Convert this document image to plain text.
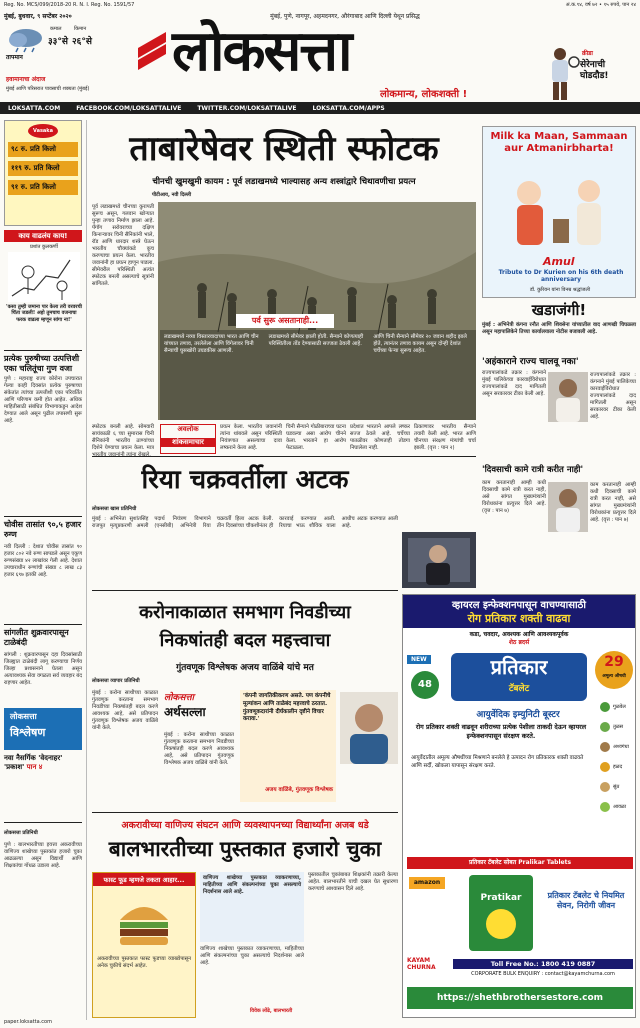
Reg. No. MCS/099/2018-20 R. N. I. Reg. No. 1591/57	अं.क.९४, वर्ष ७२ • १५ रुपये, पान २४
मुंबई, बुधवार, ९ सप्टेंबर २०२०	मुंबई, पुणे, नागपूर, अहमदनगर, औरंगाबाद आणि दिल्ली येथून प्रसिद्ध
कमाल किमान
३३°से २६°से
तापमान
हवामानाचा अंदाज
मुंबई आणि परिसरात पावसाची शक्यता (मुंबई)
लोकसत्ता
लोकमान्य, लोकशक्ती !
क्रीडा
सेरेनाची घोडदौड!
LOKSATTA.COM	FACEBOOK.COM/LOKSATTALIVE	TWITTER.COM/LOKSATTALIVE	LOKSATTA.COM/APPS
Vasaka
९८ रु. प्रति किलो
११९ रु. प्रति किलो
९१ रु. प्रति किलो
काय वाढलंय काय!
प्रशांत कुलकर्णी
'कसा तुम्ही जमाना पार केला तरी वरवरची चिंता जडली! अहो तुमचाच वजनाचा फरक वाढला म्हणून सांगा ना!'
प्रत्येक पुरुषीच्या उत्पत्तिशी एका चलितूंचा गुण वजा
पुणे : महाराष्ट्र राज्य कोरोना उपचारात गेल्या काही दिवसांत प्रत्येक पुरुषाच्या संकेतांत त्यांच्या उत्पत्तीशी एका परिवर्तित आणि परिणाम कमी होत आहेत. अधिक माहितीसाठी संबंधित विभागाकडून आदेश देण्यात आले असून पुढील तपासणी सुरू आहे.
चोवीस तासांत ९०,५ हजार रुग्ण
नवी दिल्ली : देशात चोवीस तासांत ९० हजार ८०२ नवे रुग्ण सापडले असून एकूण रुग्णसंख्या ४२ लाखांवर गेली आहे. देशात उपचाराधीन रुग्णांची संख्या ८ लाख ८३ हजार ६९७ इतकी आहे.
सांगलीत शुक्रवारपासून टाळेबंदी
सांगली : शुक्रवारपासून दहा दिवसांसाठी जिल्ह्यात टाळेबंदी लागू करण्याचा निर्णय जिल्हा प्रशासनाने घेतला असून अत्यावश्यक सेवा वगळता सर्व व्यवहार बंद राहणार आहेत.
लोकसत्ता
विश्लेषण
नवा नैसर्गिक 'वेदनाहर' 'प्रकाश' पान ४
लोकसत्ता प्रतिनिधी
पुणे : बालभारतीच्या इयत्ता अकरावीच्या वाणिज्य शाखेच्या पुस्तकांत हजारो चुका आढळल्या असून विद्यार्थी आणि शिक्षकांचा गोंधळ उडाला आहे.
ताबारेषेवर स्थिती स्फोटक
चीनची खुमखुमी कायम : पूर्व लडाखमध्ये भाल्यासह अन्य शस्त्रांद्वारे चिथावणीचा प्रयत्न
पीटीआय, नवी दिल्ली
पूर्व लडाखमध्ये चीनच्या कुरापती सुरूच असून, गलवान खोऱ्यात पुन्हा तणाव निर्माण झाला आहे. पँगाँग सरोवराच्या दक्षिण किनाऱ्यावर चिनी सैनिकांनी भाले, रॉड आणि धारदार शस्त्रे घेऊन भारतीय चौक्यांकडे कूच करण्याचा प्रयत्न केला. भारतीय जवानांनी हा प्रयत्न हाणून पाडला. सीमेवरील परिस्थिती अत्यंत स्फोटक बनली असल्याचे सूत्रांनी सांगितले.
पर्व सुरू असतानाही...
लडाखमध्ये नव्या विस्तारवादाच्या भारत आणि चीन यांच्यात तणाव, तरलेलेला आणि विंगेलावर चिनी सैन्याची घुसखोरी उघडकीस आणली.
लडाखमध्ये सीमेवर झाली होती. सैन्याने कोणत्याही परिस्थितीला तोंड देण्यासाठी सज्जता ठेवली आहे.
आणि चिनी सैन्याने सीमेवर २० जवान शहीद झाले होते, त्यानंतर तणाव कायम असून दोन्ही देशांत चर्चेच्या फेऱ्या सुरूच आहेत.
स्फोटक बनली आहे. सोमवारी सायंकाळी ६ च्या सुमारास चिनी सैनिकांनी भारतीय ठाण्यांच्या दिशेने येण्याचा प्रयत्न केला. मात्र
अवलोक
शांकसमाचार
प्रयत्न केला. भारतीय जवानांनी त्यांना थांबवले असून परिस्थिती नियंत्रणात असल्याचा दावा लष्कराने केला आहे.
चिनी सैन्याने गोळीबाराच्या घटना घडवल्या असा आरोप चीनने केला. भारताने हा आरोप फेटाळला.
प्रदेशात भारताने आपले लष्कर सज्ज ठेवले आहे. चर्चेच्या पातळीवर कोणताही तोडगा निघालेला नाही.
ठिकाणावर भारतीय सैन्याने तयारी केली आहे. भारत आणि चीनच्या संरक्षण मंत्र्यांची चर्चा झाली. (वृत्त : पान २)
Milk ka Maan, Sammaan aur Atmanirbharta!
Amul
Tribute to Dr Kurien on his 6th death anniversary
डॉ. कुरियन यांना विनम्र श्रद्धांजली
खडाजंगी!
मुंबई : अभिनेत्री कंगना रनौत आणि शिवसेना यांच्यातील वाद आणखी चिघळला असून महापालिकेने तिच्या कार्यालयाला नोटीस बजावली आहे.
'अहंकाराने राज्य चालवू नका'
राज्यपालांकडे तक्रार : कंगनाने मुंबई पालिकेच्या कारवाईविरोधात राज्यपालांकडे दाद मागितली असून सरकारवर टीका केली आहे.
राज्यपालांकडे तक्रार : कंगनाने मुंबई पालिकेच्या कारवाईविरोधात राज्यपालांकडे दाद मागितली असून सरकारवर टीका केली आहे.
'दिवसाची कामे रात्री करीत नाही'
काम करतानाही आम्ही कधी दिवसाची कामे रात्री करत नाही, असे सांगत मुख्यमंत्र्यांनी विरोधकांना प्रत्युत्तर दिले आहे. (वृत्त : पान ७)
काम करतानाही आम्ही कधी दिवसाची कामे रात्री करत नाही, असे सांगत मुख्यमंत्र्यांनी विरोधकांना प्रत्युत्तर दिले आहे. (वृत्त : पान ७)
रिया चक्रवर्तीला अटक
लोकसत्ता खास प्रतिनिधी
मुंबई : अभिनेता सुशांतसिंह राजपूत मृत्यूप्रकरणी अमली पदार्थ नियंत्रण विभागाने (एनसीबी) अभिनेत्री रिया चक्रवर्ती हिला अटक केली. तीन दिवसांच्या चौकशीनंतर ही कारवाई करण्यात आली. रियाचा भाऊ शौविक याला आधीच अटक करण्यात आली आहे.
करोनाकाळात समभाग निवडीच्या
निकषांतही बदल महत्त्वाचा
गुंतवणूक विश्लेषक अजय वाळिंबे यांचे मत
लोकसत्ता व्यापार प्रतिनिधी
मुंबई : करोना साथीच्या काळात गुंतवणूक करताना समभाग निवडीच्या निकषांतही बदल करणे आवश्यक आहे, असे प्रतिपादन गुंतवणूक विश्लेषक अजय वाळिंबे यांनी केले.
लोकसत्ता
अर्थसल्ला
मुंबई : करोना साथीच्या काळात गुंतवणूक करताना समभाग निवडीच्या निकषांतही बदल करणे आवश्यक आहे, असे प्रतिपादन गुंतवणूक विश्लेषक अजय वाळिंबे यांनी केले.
'कंपनी जागतिकीकरण असते. पण कंपनीचे मूल्यांकन आणि ताळेबंद महत्त्वाचे ठरतात. गुंतवणूकदारांनी दीर्घकालीन दृष्टीने विचार करावा.'
अजय वाळिंबे, गुंतवणूक विश्लेषक
अकरावीच्या वाणिज्य संघटन आणि व्यवस्थापनच्या विद्यार्थ्यांना अजब धडे
बालभारतीच्या पुस्तकात हजारो चुका
फास्ट फूड म्हणजे तकता आहार...
अकरावीच्या पुस्तकात फास्ट फूडच्या व्याख्येपासून अनेक चुकीचे संदर्भ आहेत.
वाणिज्य शाखेच्या पुस्तकात व्याकरणाच्या, माहितीच्या आणि संकल्पनांच्या चुका असल्याचे निदर्शनास आले आहे.
वाणिज्य शाखेच्या पुस्तकात व्याकरणाच्या, माहितीच्या आणि संकल्पनांच्या चुका असल्याचे निदर्शनास आले आहे.
पुस्तकातील चुकांबाबत शिक्षकांनी तक्रारी केल्या आहेत. बालभारतीने याची दखल घेत सुधारणा करण्याचे आश्वासन दिले आहे.
विवेक लोंढे, बालभारती
व्हायरल इन्फेक्शनपासून वाचण्यासाठी
रोग प्रतिकार शक्ती वाढवा
कडा, चवदार, अवश्यक आणि आवश्यकपूर्वक
शेठ ब्रदर्स
NEW
48
प्रतिकार
टॅबलेट
29
अमूल्य औषधी
आयुर्वेदिक इम्युनिटी बूस्टर
रोग प्रतिकार शक्ती वाढवून शरीराच्या प्रत्येक पेशीला ताकदी देऊन व्हायरल इन्फेक्शनपासून संरक्षण करते.
आयुर्वेदातील अमूल्य औषधींच्या मिश्रणाने बनलेले हे उत्पादन रोग प्रतिकारक शक्ती वाढवते आणि सर्दी, खोकला यापासून संरक्षण करते.
गुळवेल
तुळस
अश्वगंधा
हळद
सुंठ
आवळा
प्रतिकार टॅबलेट सोबत Pralikar Tablets
amazon
Pratikar	प्रतिकार टॅबलेट चे नियमित सेवन, निरोगी जीवन
KAYAM CHURNA	Toll Free No.: 1800 419 0887
CORPORATE BULK ENQUIRY : contact@kayamchurna.com
https://shethbrothersestore.com
paper.loksatta.com
